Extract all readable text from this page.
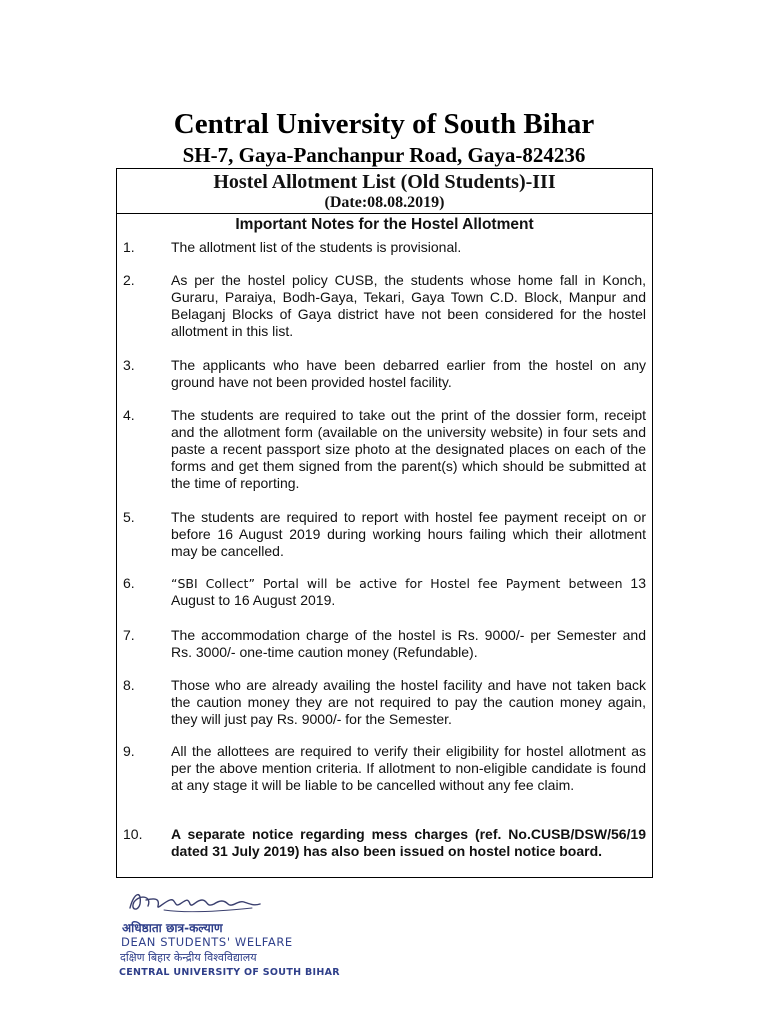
Central University of South Bihar
SH-7, Gaya-Panchanpur Road, Gaya-824236
Hostel Allotment List (Old Students)-III
(Date:08.08.2019)
Important Notes for the Hostel Allotment
1.	The allotment list of the students is provisional.
2.	As per the hostel policy CUSB, the students whose home fall in Konch, Guraru, Paraiya, Bodh-Gaya, Tekari, Gaya Town C.D. Block, Manpur and Belaganj Blocks of Gaya district have not been considered for the hostel allotment in this list.
3.	The applicants who have been debarred earlier from the hostel on any ground have not been provided hostel facility.
4.	The students are required to take out the print of the dossier form, receipt and the allotment form (available on the university website) in four sets and paste a recent passport size photo at the designated places on each of the forms and get them signed from the parent(s) which should be submitted at the time of reporting.
5.	The students are required to report with hostel fee payment receipt on or before 16 August 2019 during working hours failing which their allotment may be cancelled.
6.	“SBI Collect” Portal will be active for Hostel fee Payment between 13 August to 16 August 2019.
7.	The accommodation charge of the hostel is Rs. 9000/- per Semester and Rs. 3000/- one-time caution money (Refundable).
8.	Those who are already availing the hostel facility and have not taken back the caution money they are not required to pay the caution money again, they will just pay Rs. 9000/- for the Semester.
9.	All the allottees are required to verify their eligibility for hostel allotment as per the above mention criteria. If allotment to non-eligible candidate is found at any stage it will be liable to be cancelled without any fee claim.
10.	A separate notice regarding mess charges (ref. No.CUSB/DSW/56/19 dated 31 July 2019) has also been issued on hostel notice board.
अधिष्ठाता छात्र-कल्याण
DEAN STUDENTS' WELFARE
दक्षिण बिहार केन्द्रीय विश्वविद्यालय
CENTRAL UNIVERSITY OF SOUTH BIHAR
